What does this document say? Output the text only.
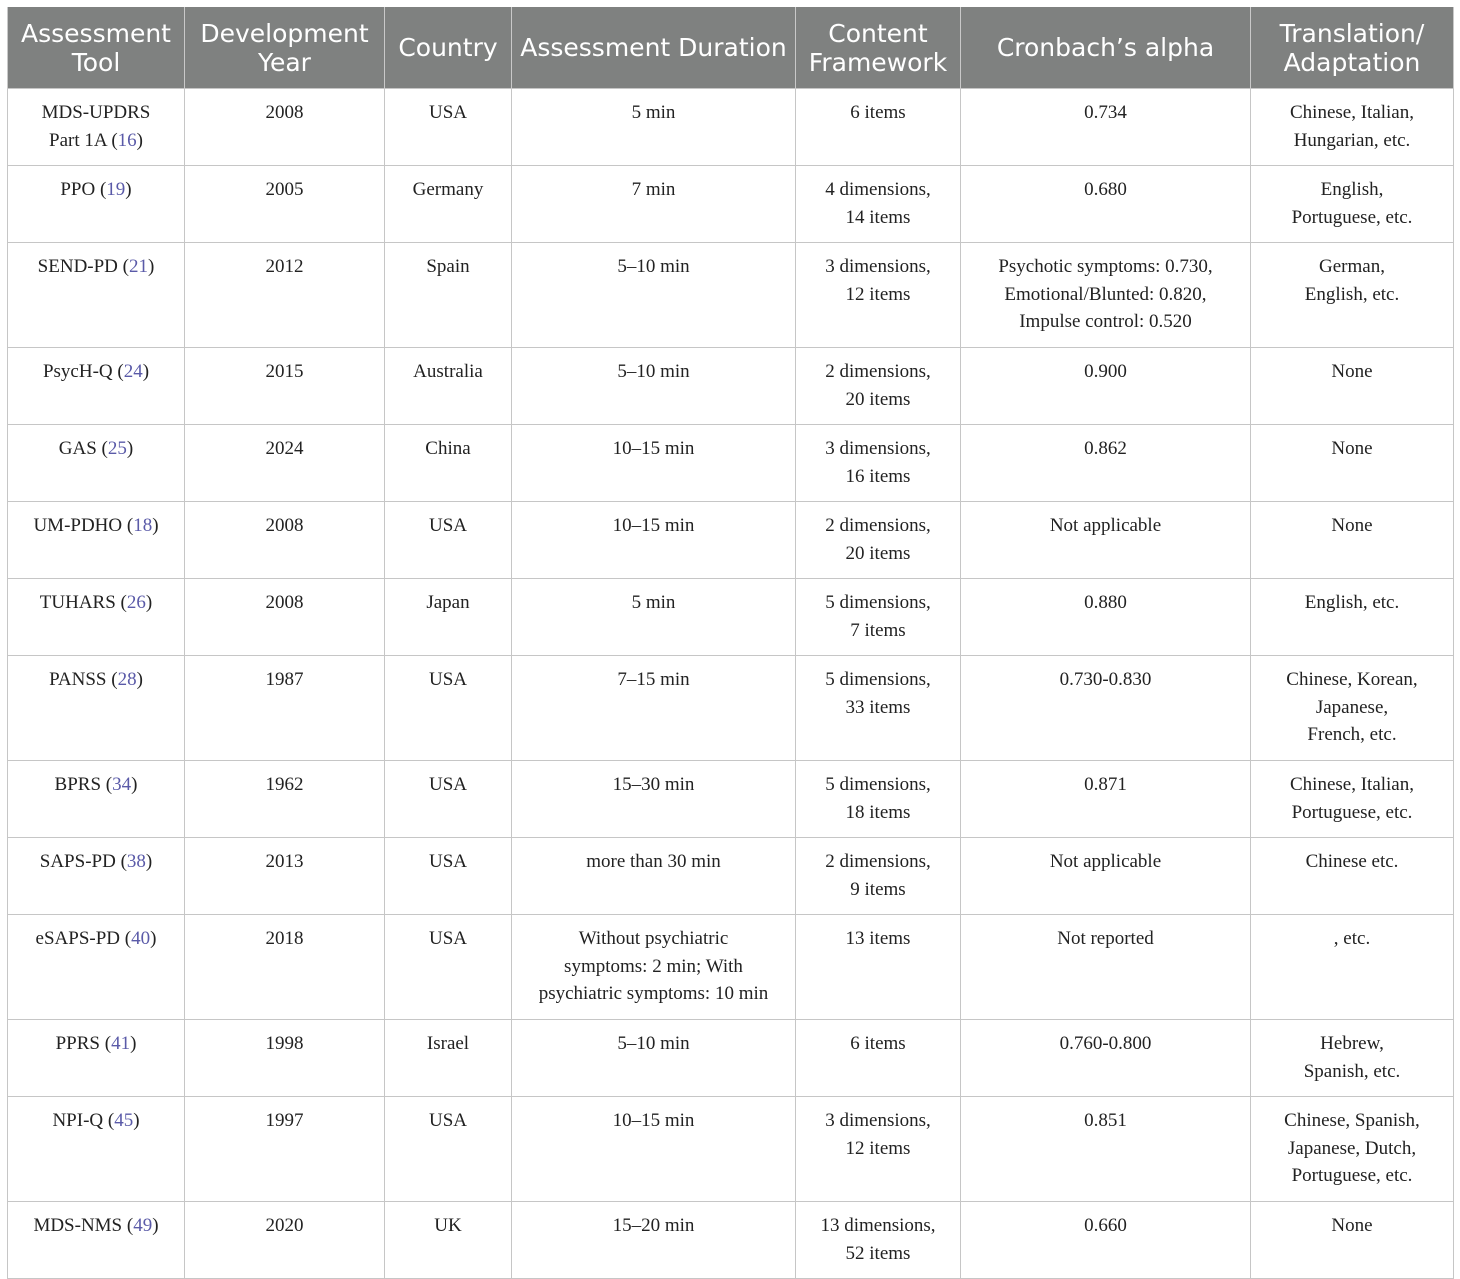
Assessment
Tool	Development
Year	Country	Assessment Duration	Content
Framework	Cronbach’s alpha	Translation/
Adaptation

MDS-UPDRS
Part 1A (16)	2008	USA	5 min	6 items	0.734	Chinese, Italian,
Hungarian, etc.

PPO (19)	2005	Germany	7 min	4 dimensions,
14 items	0.680	English,
Portuguese, etc.

SEND-PD (21)	2012	Spain	5–10 min	3 dimensions,
12 items	Psychotic symptoms: 0.730,
Emotional/Blunted: 0.820,
Impulse control: 0.520	German,
English, etc.

PsycH-Q (24)	2015	Australia	5–10 min	2 dimensions,
20 items	0.900	None

GAS (25)	2024	China	10–15 min	3 dimensions,
16 items	0.862	None

UM-PDHO (18)	2008	USA	10–15 min	2 dimensions,
20 items	Not applicable	None

TUHARS (26)	2008	Japan	5 min	5 dimensions,
7 items	0.880	English, etc.

PANSS (28)	1987	USA	7–15 min	5 dimensions,
33 items	0.730-0.830	Chinese, Korean,
Japanese,
French, etc.

BPRS (34)	1962	USA	15–30 min	5 dimensions,
18 items	0.871	Chinese, Italian,
Portuguese, etc.

SAPS-PD (38)	2013	USA	more than 30 min	2 dimensions,
9 items	Not applicable	Chinese etc.

eSAPS-PD (40)	2018	USA	Without psychiatric
symptoms: 2 min; With
psychiatric symptoms: 10 min	13 items	Not reported	, etc.

PPRS (41)	1998	Israel	5–10 min	6 items	0.760-0.800	Hebrew,
Spanish, etc.

NPI-Q (45)	1997	USA	10–15 min	3 dimensions,
12 items	0.851	Chinese, Spanish,
Japanese, Dutch,
Portuguese, etc.

MDS-NMS (49)	2020	UK	15–20 min	13 dimensions,
52 items	0.660	None
